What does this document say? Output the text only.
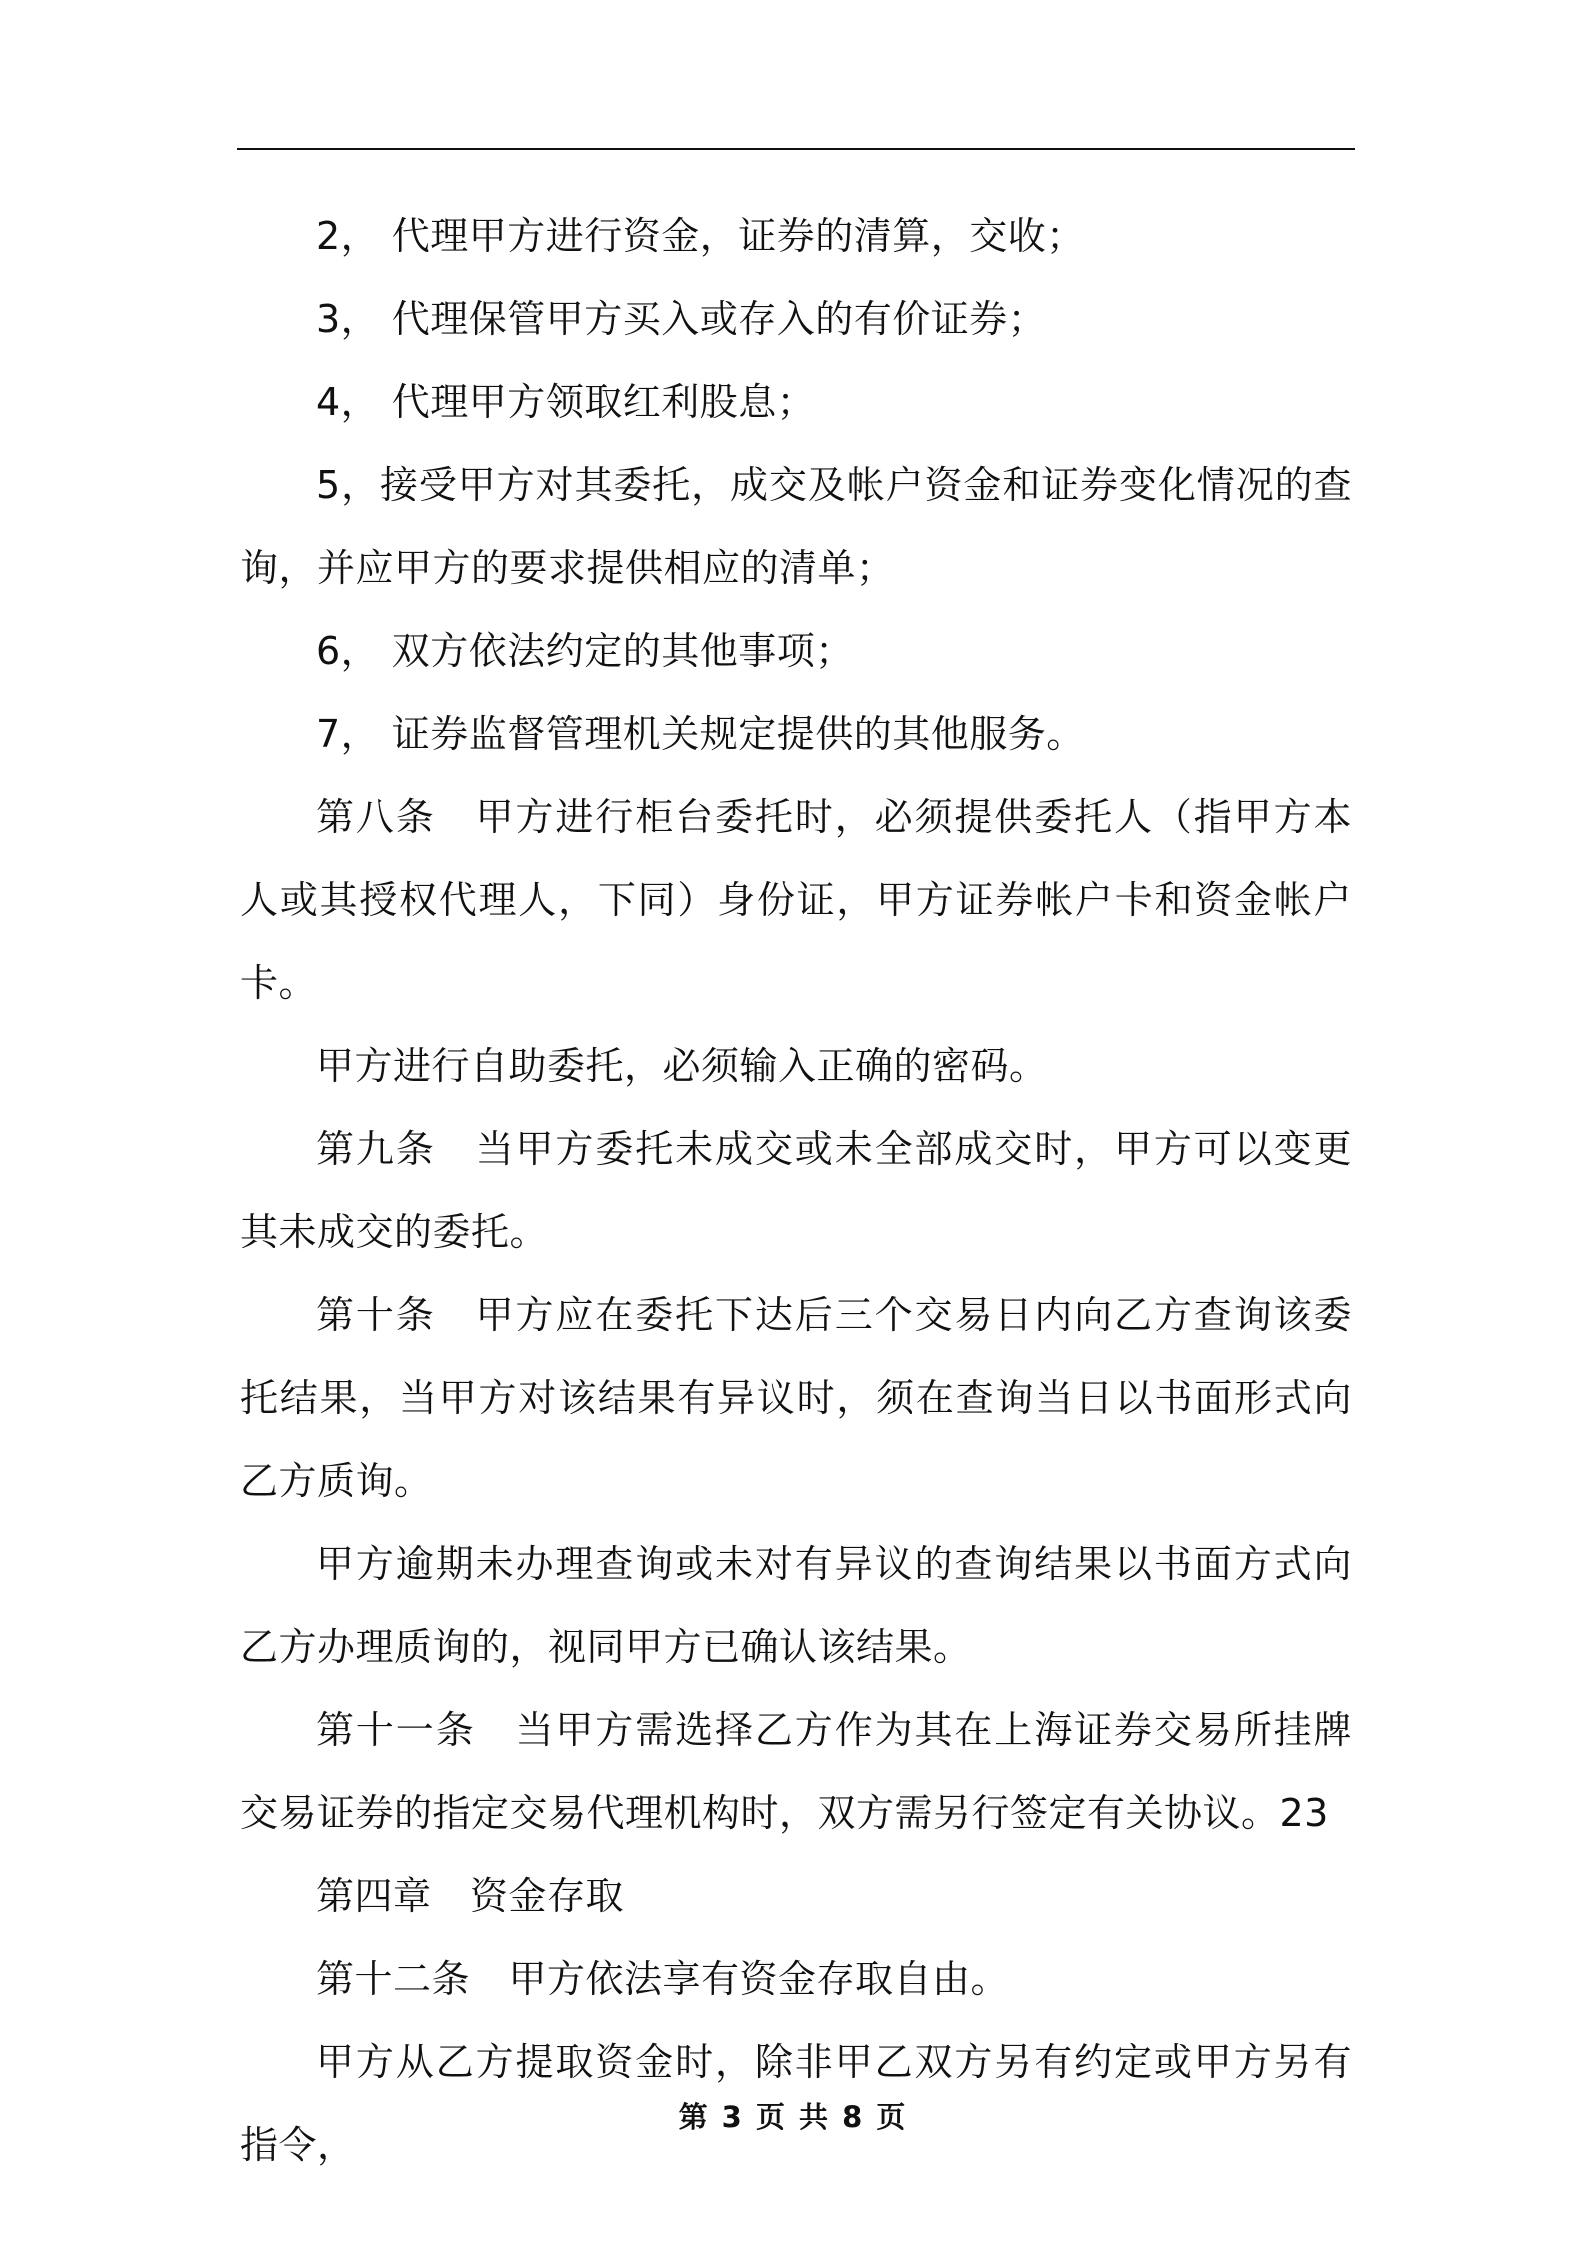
2， 代理甲方进行资金，证券的清算，交收；

3， 代理保管甲方买入或存入的有价证券；

4， 代理甲方领取红利股息；

5，接受甲方对其委托，成交及帐户资金和证券变化情况的查询，并应甲方的要求提供相应的清单；

6， 双方依法约定的其他事项；

7， 证券监督管理机关规定提供的其他服务。

第八条　甲方进行柜台委托时，必须提供委托人（指甲方本人或其授权代理人，下同）身份证，甲方证券帐户卡和资金帐户卡。

甲方进行自助委托，必须输入正确的密码。

第九条　当甲方委托未成交或未全部成交时，甲方可以变更其未成交的委托。

第十条　甲方应在委托下达后三个交易日内向乙方查询该委托结果，当甲方对该结果有异议时，须在查询当日以书面形式向乙方质询。

甲方逾期未办理查询或未对有异议的查询结果以书面方式向乙方办理质询的，视同甲方已确认该结果。

第十一条　当甲方需选择乙方作为其在上海证券交易所挂牌交易证券的指定交易代理机构时，双方需另行签定有关协议。23

第四章　资金存取

第十二条　甲方依法享有资金存取自由。

甲方从乙方提取资金时，除非甲乙双方另有约定或甲方另有指令，

第 3 页 共 8 页
